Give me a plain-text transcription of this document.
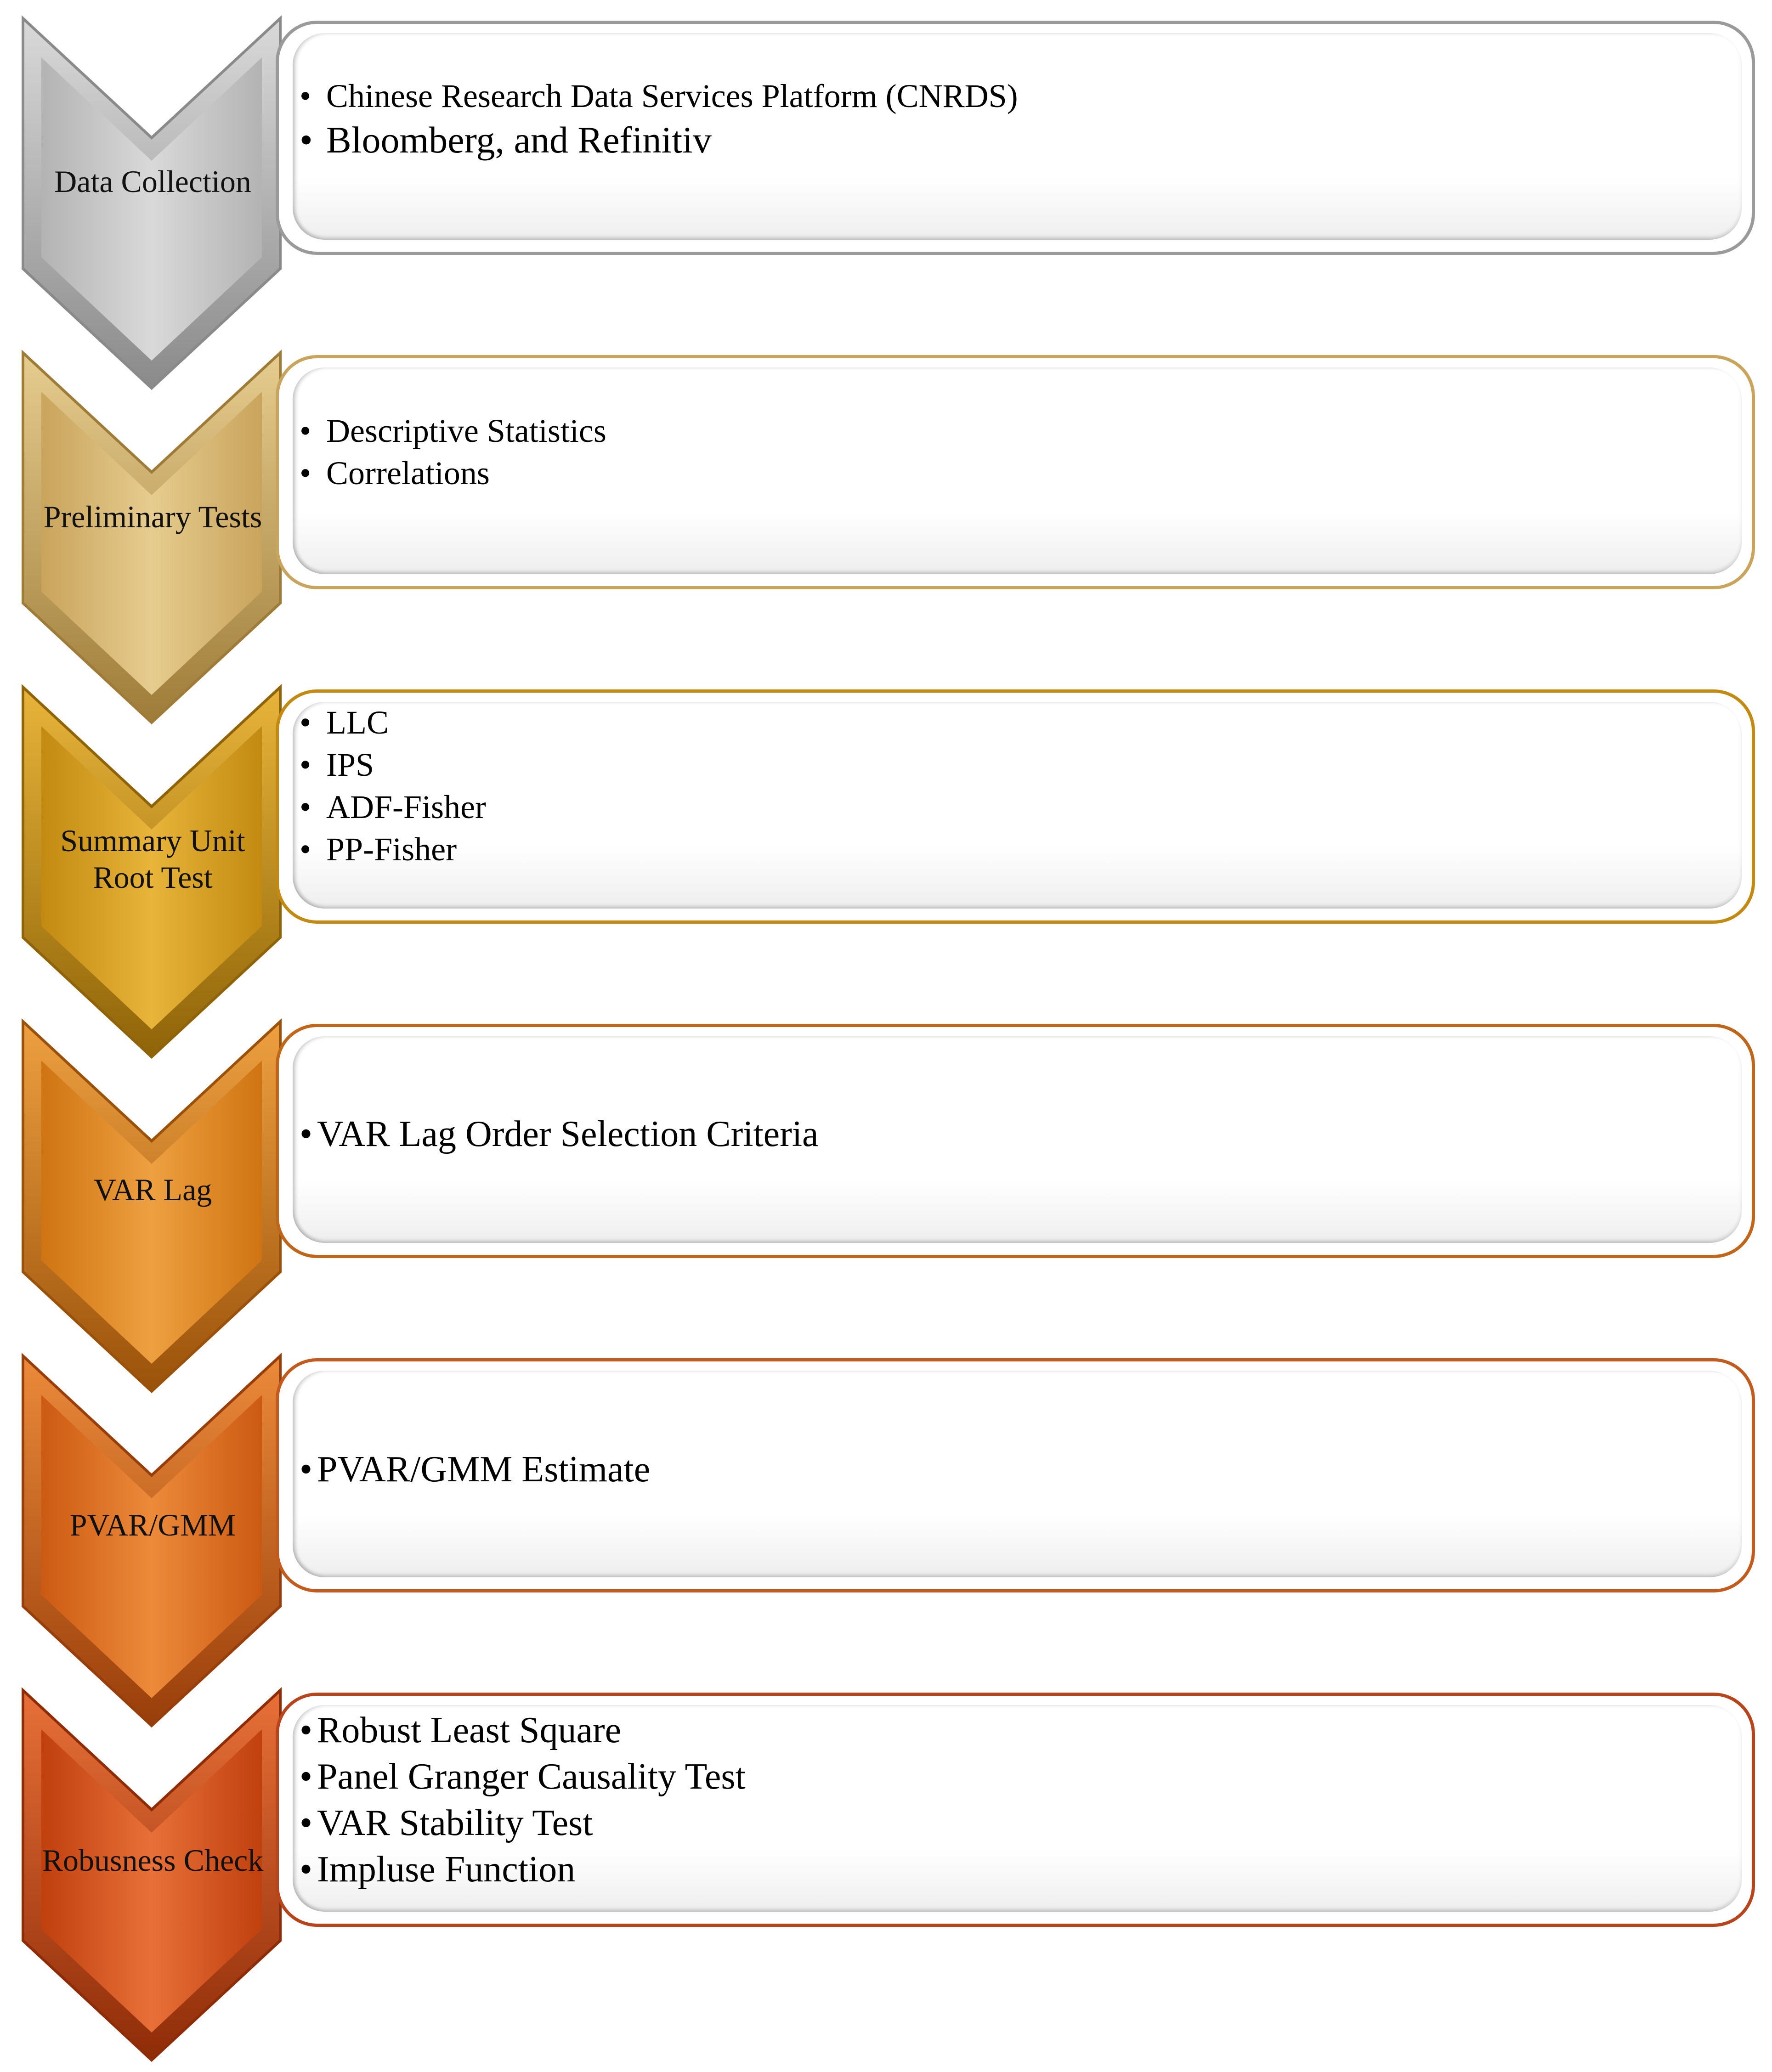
Data Collection
• Chinese Research Data Services Platform (CNRDS)
• Bloomberg, and Refinitiv
Preliminary Tests
• Descriptive Statistics
• Correlations
Summary Unit
Root Test
• LLC
• IPS
• ADF-Fisher
• PP-Fisher
VAR Lag
• VAR Lag Order Selection Criteria
PVAR/GMM
• PVAR/GMM Estimate
Robusness Check
• Robust Least Square
• Panel Granger Causality Test
• VAR Stability Test
• Impluse Function
